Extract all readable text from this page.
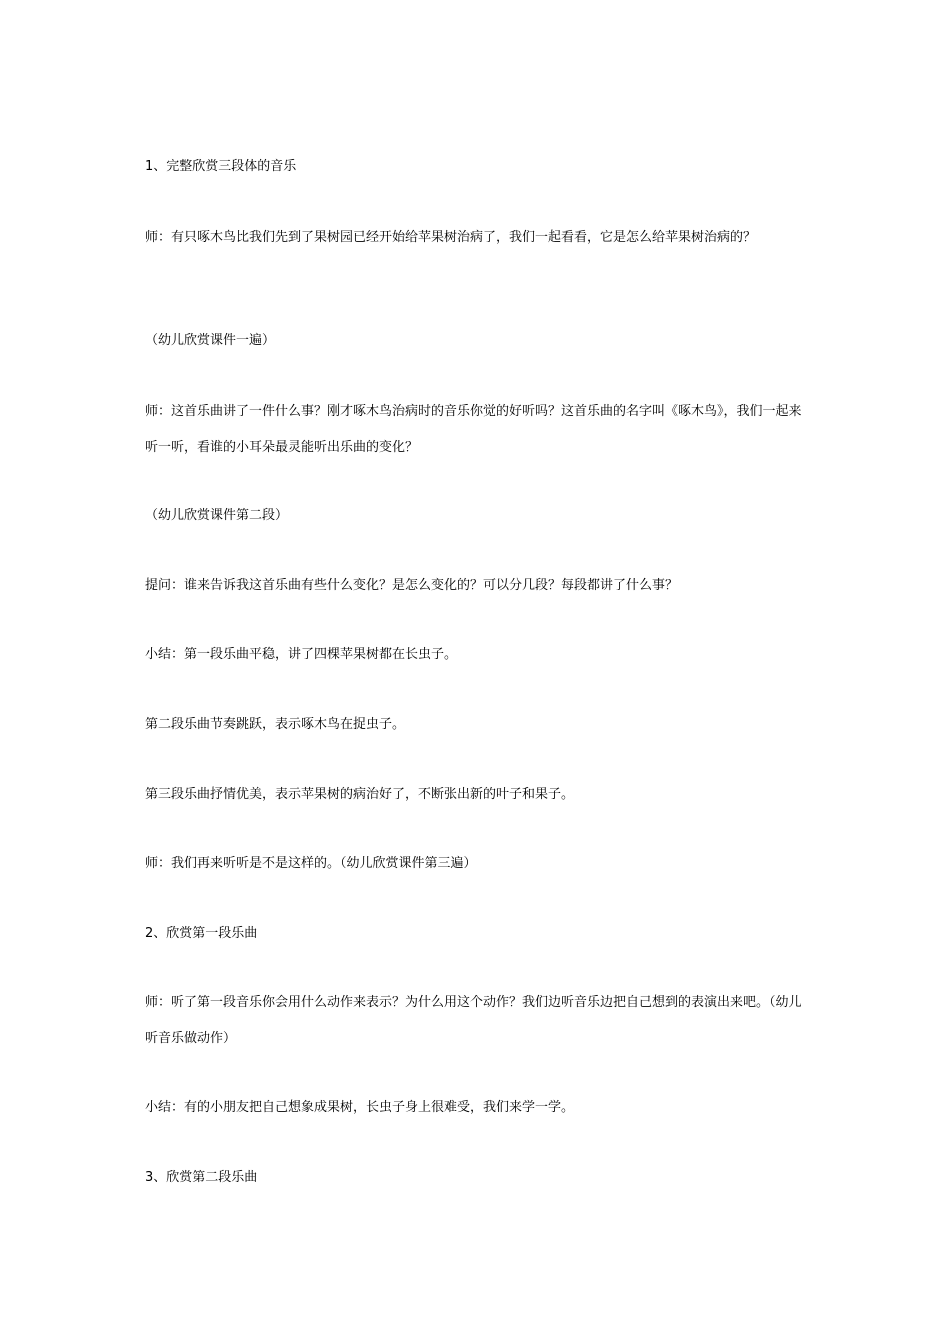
1、完整欣赏三段体的音乐

师：有只啄木鸟比我们先到了果树园已经开始给苹果树治病了，我们一起看看，它是怎么给苹果树治病的？

（幼儿欣赏课件一遍）

师：这首乐曲讲了一件什么事？刚才啄木鸟治病时的音乐你觉的好听吗？这首乐曲的名字叫《啄木鸟》，我们一起来听一听，看谁的小耳朵最灵能听出乐曲的变化？

（幼儿欣赏课件第二段）

提问：谁来告诉我这首乐曲有些什么变化？是怎么变化的？可以分几段？每段都讲了什么事？

小结：第一段乐曲平稳，讲了四棵苹果树都在长虫子。

第二段乐曲节奏跳跃，表示啄木鸟在捉虫子。

第三段乐曲抒情优美，表示苹果树的病治好了，不断张出新的叶子和果子。

师：我们再来听听是不是这样的。（幼儿欣赏课件第三遍）

2、欣赏第一段乐曲

师：听了第一段音乐你会用什么动作来表示？为什么用这个动作？我们边听音乐边把自己想到的表演出来吧。（幼儿听音乐做动作）

小结：有的小朋友把自己想象成果树，长虫子身上很难受，我们来学一学。

3、欣赏第二段乐曲
